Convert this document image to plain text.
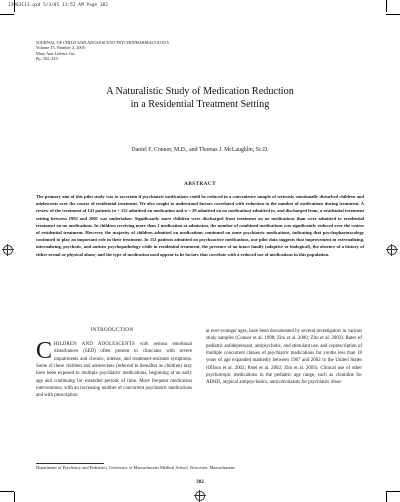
13903C13.qxd 5/3/05 11:52 AM Page 302
JOURNAL OF CHILD AND ADOLESCENT PSYCHOPHARMACOLOGY
Volume 15, Number 2, 2005
Mary Ann Liebert, Inc.
Pp. 302–310
A Naturalistic Study of Medication Reduction
in a Residential Treatment Setting
Daniel F. Connor, M.D., and Thomas J. McLaughlin, Sc.D.
ABSTRACT

The primary aim of this pilot study was to ascertain if psychiatric medications could be reduced in a convenience sample of seriously emotionally disturbed children and adolescents over the course of residential treatment. We also sought to understand factors correlated with reduction in the number of medications during treatment. A review of the treatment of 141 patients (n = 112 admitted on medication and n = 29 admitted on no medication) admitted to, and discharged from, a residential treatment setting between 1992 and 2001 was undertaken. Significantly more children were discharged from treatment on no medications than were admitted to residential treatment on no medications. In children receiving more than 1 medication at admission, the number of combined medications was significantly reduced over the course of residential treatment. However, the majority of children admitted on medications continued on some psychiatric medications, indicating that psychopharmacology continued to play an important role in their treatment. In 112 patients admitted on psychoactive medications, our pilot data suggests that improvement in externalizing, internalizing, psychotic, and autistic psychopathology while in residential treatment, the presence of an intact family (adoptive or biological), the absence of a history of either sexual or physical abuse, and the type of medication used appear to be factors that correlate with a reduced use of medications in this population.

INTRODUCTION
CHILDREN AND ADOLESCENTS with serious emotional disturbances (SED) often present to clinicians with severe impairments and chronic, intense, and treatment-resistant symptoms. Some of these children and adolescents (referred to hereafter as children) may have been exposed to multiple psychiatric medications, beginning at an early age and continuing for extended periods of time. More frequent medication interventions, with an increasing number of concurrent psychiatric medications and with prescription
at ever-younger ages, have been documented by several investigators in various study samples (Connor et al. 1998; Zito et al. 2000; Zito et al. 2003). Rates of pediatric antidepressant, antipsychotic, and stimulant use, and coprescription of multiple concurrent classes of psychiatric medications for youths less than 18 years of age expanded markedly between 1987 and 2002 in the United States (Olfson et al. 2002; Patel et al. 2002; Zito et al. 2003). Clinical use of other psychotropic medications in the pediatric age range, such as clonidine for ADHD, atypical antipsychotics, anticonvulsants for psychiatric disor-
Department of Psychiatry and Pediatrics, University of Massachusetts Medical School, Worcester, Massachusetts.
302
